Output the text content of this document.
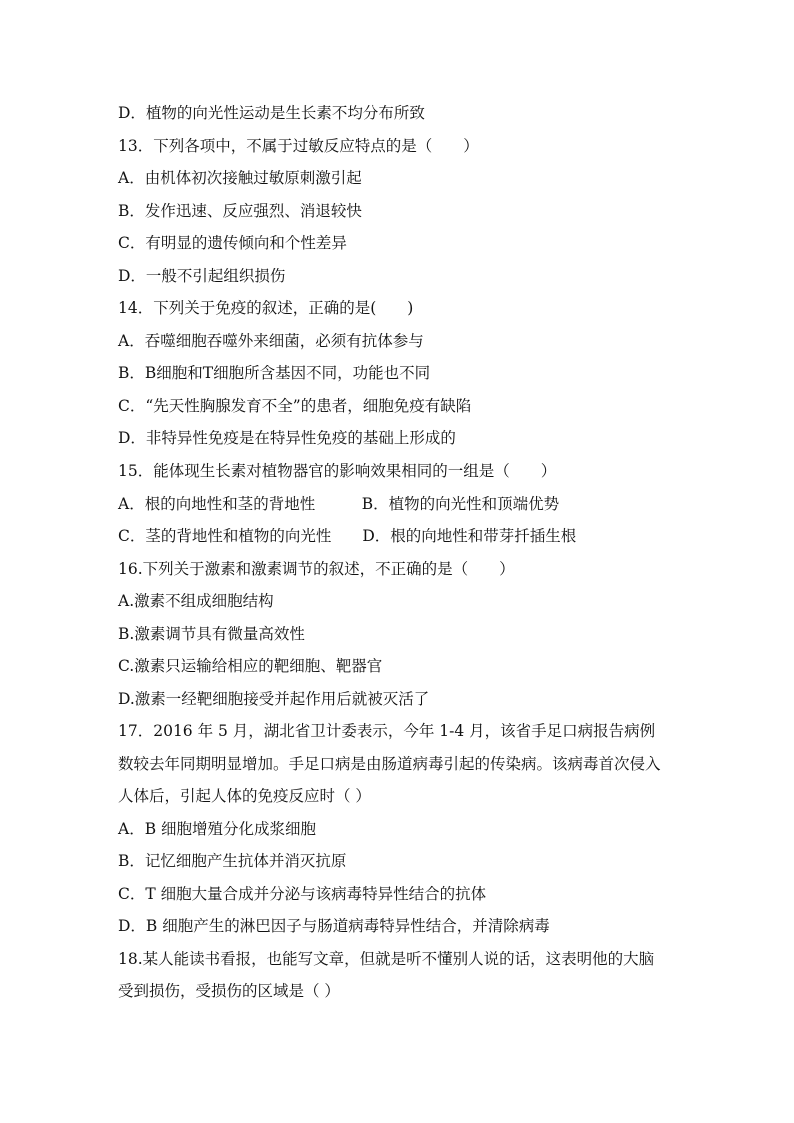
D．植物的向光性运动是生长素不均分布所致
13．下列各项中，不属于过敏反应特点的是（　　）
A．由机体初次接触过敏原刺激引起
B．发作迅速、反应强烈、消退较快
C．有明显的遗传倾向和个性差异
D．一般不引起组织损伤
14．下列关于免疫的叙述，正确的是(　　)
A．吞噬细胞吞噬外来细菌，必须有抗体参与
B．B细胞和T细胞所含基因不同，功能也不同
C．“先天性胸腺发育不全”的患者，细胞免疫有缺陷
D．非特异性免疫是在特异性免疫的基础上形成的
15．能体现生长素对植物器官的影响效果相同的一组是（　　）
A．根的向地性和茎的背地性　　　B．植物的向光性和顶端优势
C．茎的背地性和植物的向光性　　D．根的向地性和带芽扦插生根
16.下列关于激素和激素调节的叙述，不正确的是（　　）
A.激素不组成细胞结构
B.激素调节具有微量高效性
C.激素只运输给相应的靶细胞、靶器官
D.激素一经靶细胞接受并起作用后就被灭活了
17．2016 年 5 月，湖北省卫计委表示，今年 1-4 月，该省手足口病报告病例
数较去年同期明显增加。手足口病是由肠道病毒引起的传染病。该病毒首次侵入
人体后，引起人体的免疫反应时（ ）
A．B 细胞增殖分化成浆细胞
B．记忆细胞产生抗体并消灭抗原
C．T 细胞大量合成并分泌与该病毒特异性结合的抗体
D．B 细胞产生的淋巴因子与肠道病毒特异性结合，并清除病毒
18.某人能读书看报，也能写文章，但就是听不懂别人说的话，这表明他的大脑
受到损伤，受损伤的区域是（ ）
